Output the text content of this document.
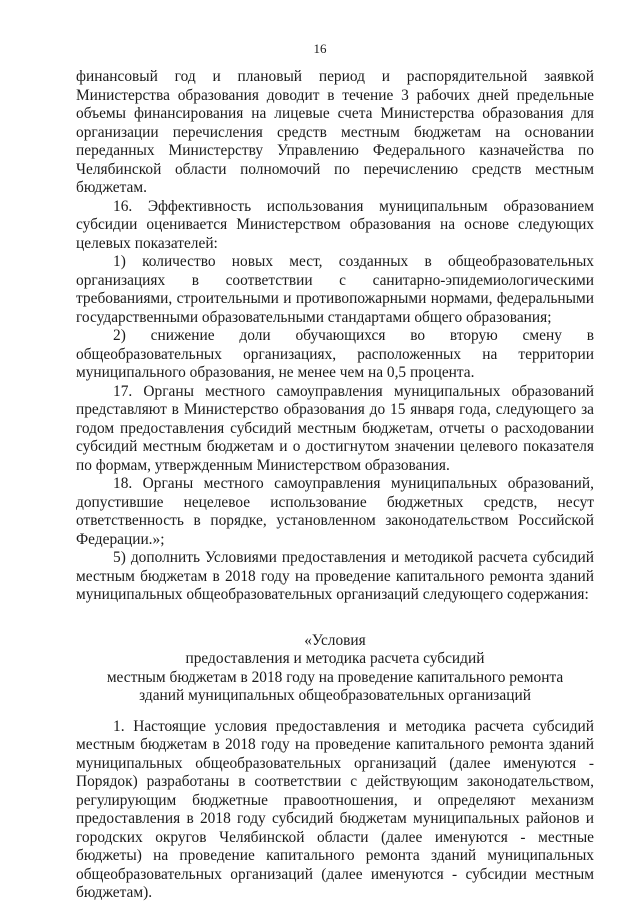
16

финансовый год и плановый период и распорядительной заявкой Министерства образования доводит в течение 3 рабочих дней предельные объемы финансирования на лицевые счета Министерства образования для организации перечисления средств местным бюджетам на основании переданных Министерству Управлению Федерального казначейства по Челябинской области полномочий по перечислению средств местным бюджетам.

16. Эффективность использования муниципальным образованием субсидии оценивается Министерством образования на основе следующих целевых показателей:

1) количество новых мест, созданных в общеобразовательных организациях в соответствии с санитарно-эпидемиологическими требованиями, строительными и противопожарными нормами, федеральными государственными образовательными стандартами общего образования;

2) снижение доли обучающихся во вторую смену в общеобразовательных организациях, расположенных на территории муниципального образования, не менее чем на 0,5 процента.

17. Органы местного самоуправления муниципальных образований представляют в Министерство образования до 15 января года, следующего за годом предоставления субсидий местным бюджетам, отчеты о расходовании субсидий местным бюджетам и о достигнутом значении целевого показателя по формам, утвержденным Министерством образования.

18. Органы местного самоуправления муниципальных образований, допустившие нецелевое использование бюджетных средств, несут ответственность в порядке, установленном законодательством Российской Федерации.»;

5) дополнить Условиями предоставления и методикой расчета субсидий местным бюджетам в 2018 году на проведение капитального ремонта зданий муниципальных общеобразовательных организаций следующего содержания:

«Условия
предоставления и методика расчета субсидий
местным бюджетам в 2018 году на проведение капитального ремонта
зданий муниципальных общеобразовательных организаций

1. Настоящие условия предоставления и методика расчета субсидий местным бюджетам в 2018 году на проведение капитального ремонта зданий муниципальных общеобразовательных организаций (далее именуются - Порядок) разработаны в соответствии с действующим законодательством, регулирующим бюджетные правоотношения, и определяют механизм предоставления в 2018 году субсидий бюджетам муниципальных районов и городских округов Челябинской области (далее именуются - местные бюджеты) на проведение капитального ремонта зданий муниципальных общеобразовательных организаций (далее именуются - субсидии местным бюджетам).
